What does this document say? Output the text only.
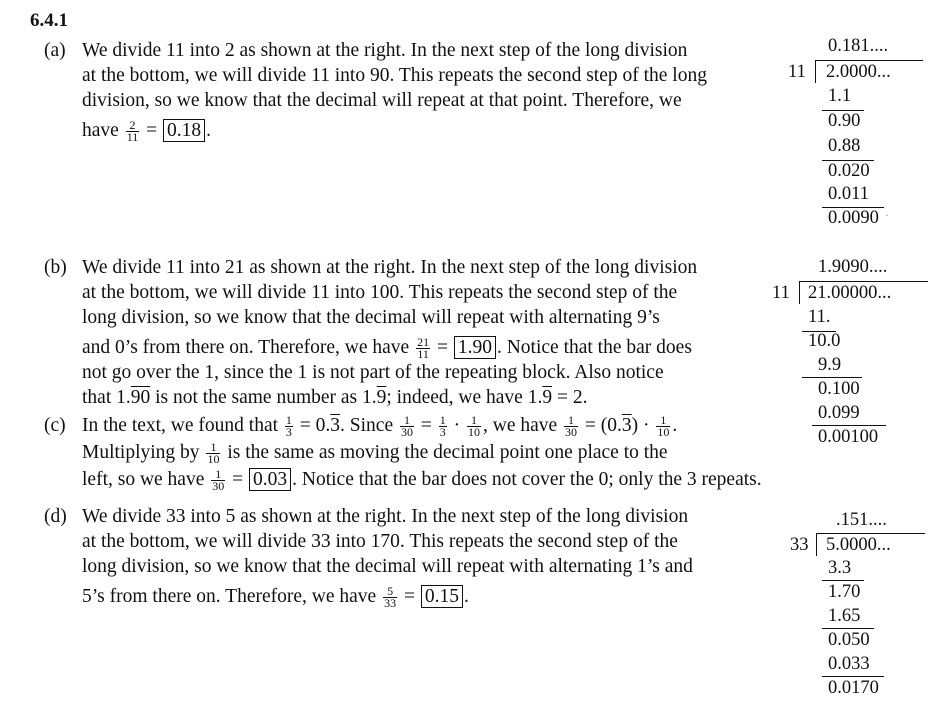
6.4.1
(a) We divide 11 into 2 as shown at the right. In the next step of the long division
at the bottom, we will divide 11 into 90. This repeats the second step of the long
division, so we know that the decimal will repeat at that point. Therefore, we
have $\frac{2}{11} = 0.18$ .
(b) We divide 11 into 21 as shown at the right. In the next step of the long division
at the bottom, we will divide 11 into 100. This repeats the second step of the
long division, so we know that the decimal will repeat with alternating 9’s
and 0’s from there on. Therefore, we have $\frac{21}{11} = 1.90$ . Notice that the bar does
not go over the 1, since the 1 is not part of the repeating block. Also notice
that 1.90 is not the same number as 1.9; indeed, we have 1.9 = 2.
(c) In the text, we found that $\frac{1}{3} = 0.3$. Since $\frac{1}{30} = \frac{1}{3} \cdot \frac{1}{10}$ , we have $\frac{1}{30} = (0.3) \cdot \frac{1}{10}$ .
Multiplying by $\frac{1}{10}$ is the same as moving the decimal point one place to the
left, so we have $\frac{1}{30} = 0.03$ . Notice that the bar does not cover the 0; only the 3 repeats.
(d) We divide 33 into 5 as shown at the right. In the next step of the long division
at the bottom, we will divide 33 into 170. This repeats the second step of the
long division, so we know that the decimal will repeat with alternating 1’s and
5’s from there on. Therefore, we have $\frac{5}{33} = 0.15$ .
0.181....
11 2.0000...
1.1
0.90
0.88
0.020
0.011
0.0090
1.9090....
11 21.00000...
11.
10.0
9.9
0.100
0.099
0.00100
.151....
33 5.0000...
3.3
1.70
1.65
0.050
0.033
0.0170
·
